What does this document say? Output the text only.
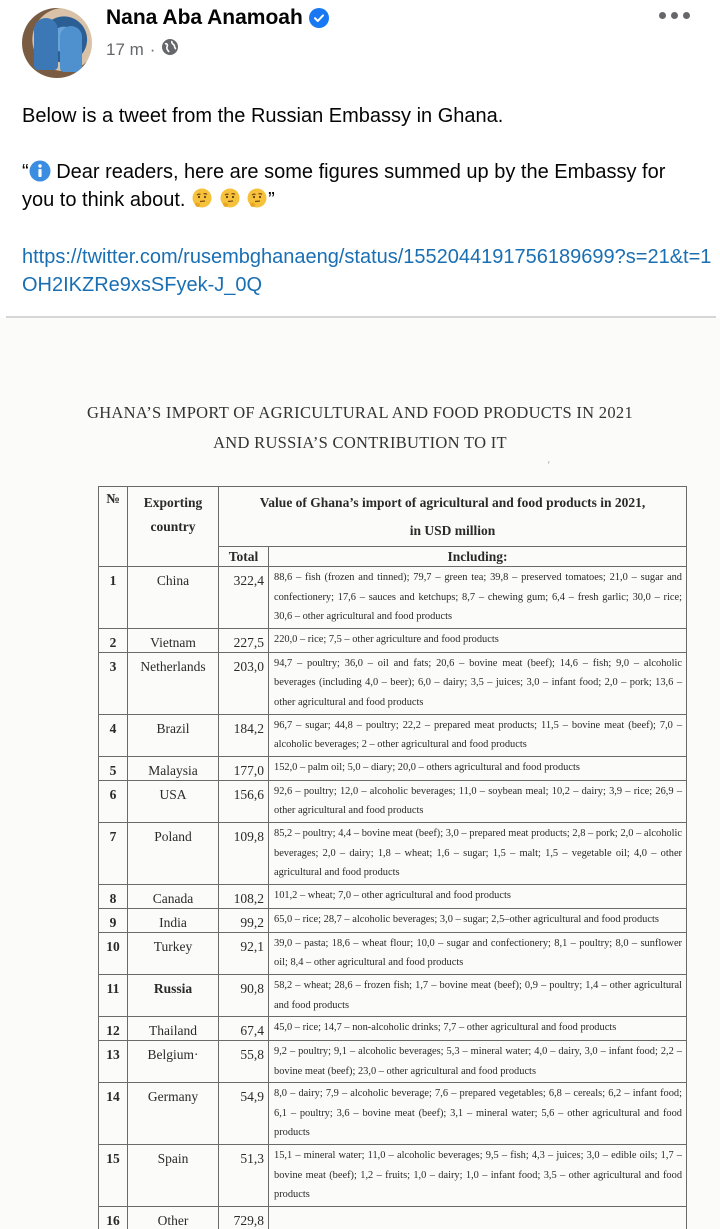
Nana Aba Anamoah
17 m ·

Below is a tweet from the Russian Embassy in Ghana.

“ Dear readers, here are some figures summed up by the Embassy for you to think about.	”

https://twitter.com/rusembghanaeng/status/1552044191756189699?s=21&t=1OH2IKZRe9xsSFyek-J_0Q
GHANA’S IMPORT OF AGRICULTURAL AND FOOD PRODUCTS IN 2021
AND RUSSIA’S CONTRIBUTION TO IT
'
№	Exporting country	Value of Ghana’s import of agricultural and food products in 2021,
in USD million	

		Total	Including:
1	China	322,4	88,6 – fish (frozen and tinned); 79,7 – green tea; 39,8 – preserved tomatoes; 21,0 – sugar and confectionery; 17,6 – sauces and ketchups; 8,7 – chewing gum; 6,4 – fresh garlic; 30,0 – rice; 30,6 – other agricultural and food products
2	Vietnam	227,5	220,0 – rice; 7,5 – other agriculture and food products
3	Netherlands	203,0	94,7 – poultry; 36,0 – oil and fats; 20,6 – bovine meat (beef); 14,6 – fish; 9,0 – alcoholic beverages (including 4,0 – beer); 6,0 – dairy; 3,5 – juices; 3,0 – infant food; 2,0 – pork; 13,6 – other agricultural and food products
4	Brazil	184,2	96,7 – sugar; 44,8 – poultry; 22,2 – prepared meat products; 11,5 – bovine meat (beef); 7,0 – alcoholic beverages; 2 – other agricultural and food products
5	Malaysia	177,0	152,0 – palm oil; 5,0 – diary; 20,0 – others agricultural and food products
6	USA	156,6	92,6 – poultry; 12,0 – alcoholic beverages; 11,0 – soybean meal; 10,2 – dairy; 3,9 – rice; 26,9 – other agricultural and food products
7	Poland	109,8	85,2 – poultry; 4,4 – bovine meat (beef); 3,0 – prepared meat products; 2,8 – pork; 2,0 – alcoholic beverages; 2,0 – dairy; 1,8 – wheat; 1,6 – sugar; 1,5 – malt; 1,5 – vegetable oil; 4,0 – other agricultural and food products
8	Canada	108,2	101,2 – wheat; 7,0 – other agricultural and food products
9	India	99,2	65,0 – rice; 28,7 – alcoholic beverages; 3,0 – sugar; 2,5–other agricultural and food products
10	Turkey	92,1	39,0 – pasta; 18,6 – wheat flour; 10,0 – sugar and confectionery; 8,1 – poultry; 8,0 – sunflower oil; 8,4 – other agricultural and food products
11	Russia	90,8	58,2 – wheat; 28,6 – frozen fish; 1,7 – bovine meat (beef); 0,9 – poultry; 1,4 – other agricultural and food products
12	Thailand	67,4	45,0 – rice; 14,7 – non-alcoholic drinks; 7,7 – other agricultural and food products
13	Belgium·	55,8	9,2 – poultry; 9,1 – alcoholic beverages; 5,3 – mineral water; 4,0 – dairy, 3,0 – infant food; 2,2 – bovine meat (beef); 23,0 – other agricultural and food products
14	Germany	54,9	8,0 – dairy; 7,9 – alcoholic beverage; 7,6 – prepared vegetables; 6,8 – cereals; 6,2 – infant food; 6,1 – poultry; 3,6 – bovine meat (beef); 3,1 – mineral water; 5,6 – other agricultural and food products
15	Spain	51,3	15,1 – mineral water; 11,0 – alcoholic beverages; 9,5 – fish; 4,3 – juices; 3,0 – edible oils; 1,7 – bovine meat (beef); 1,2 – fruits; 1,0 – dairy; 1,0 – infant food; 3,5 – other agricultural and food products
16	Other	729,8	
